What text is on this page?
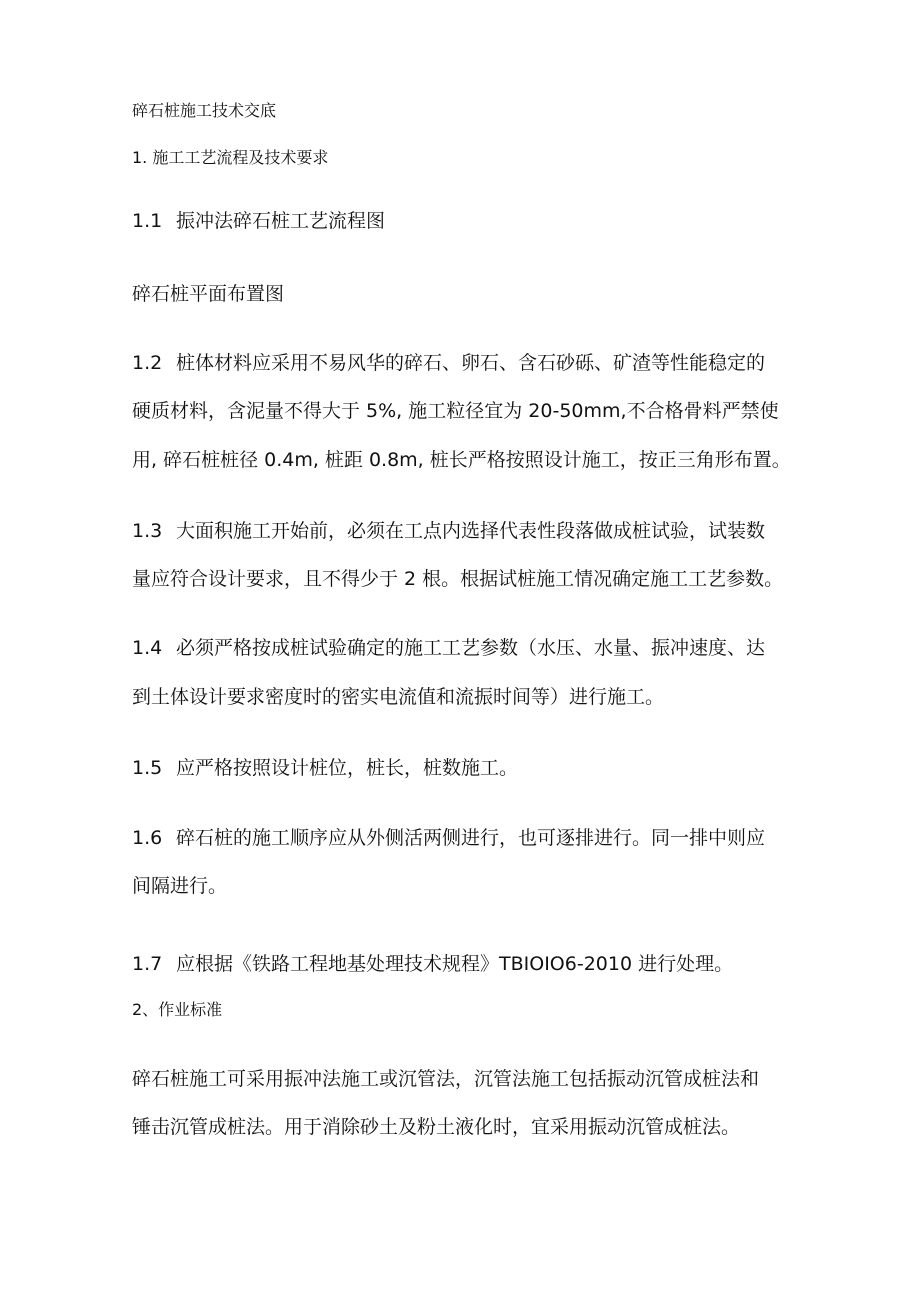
碎石桩施工技术交底

1. 施工工艺流程及技术要求

1.1 振冲法碎石桩工艺流程图

碎石桩平面布置图

1.2 桩体材料应采用不易风华的碎石、卵石、含石砂砾、矿渣等性能稳定的

硬质材料，含泥量不得大于 5%, 施工粒径宜为 20-50mm,不合格骨料严禁使

用, 碎石桩桩径 0.4m, 桩距 0.8m, 桩长严格按照设计施工，按正三角形布置。

1.3 大面积施工开始前，必须在工点内选择代表性段落做成桩试验，试装数

量应符合设计要求，且不得少于 2 根。根据试桩施工情况确定施工工艺参数。

1.4 必须严格按成桩试验确定的施工工艺参数（水压、水量、振冲速度、达

到土体设计要求密度时的密实电流值和流振时间等）进行施工。

1.5 应严格按照设计桩位，桩长，桩数施工。

1.6 碎石桩的施工顺序应从外侧活两侧进行，也可逐排进行。同一排中则应

间隔进行。

1.7 应根据《铁路工程地基处理技术规程》TBIOIO6-2010 进行处理。

2、作业标准

碎石桩施工可采用振冲法施工或沉管法，沉管法施工包括振动沉管成桩法和

锤击沉管成桩法。用于消除砂土及粉土液化时，宜采用振动沉管成桩法。
